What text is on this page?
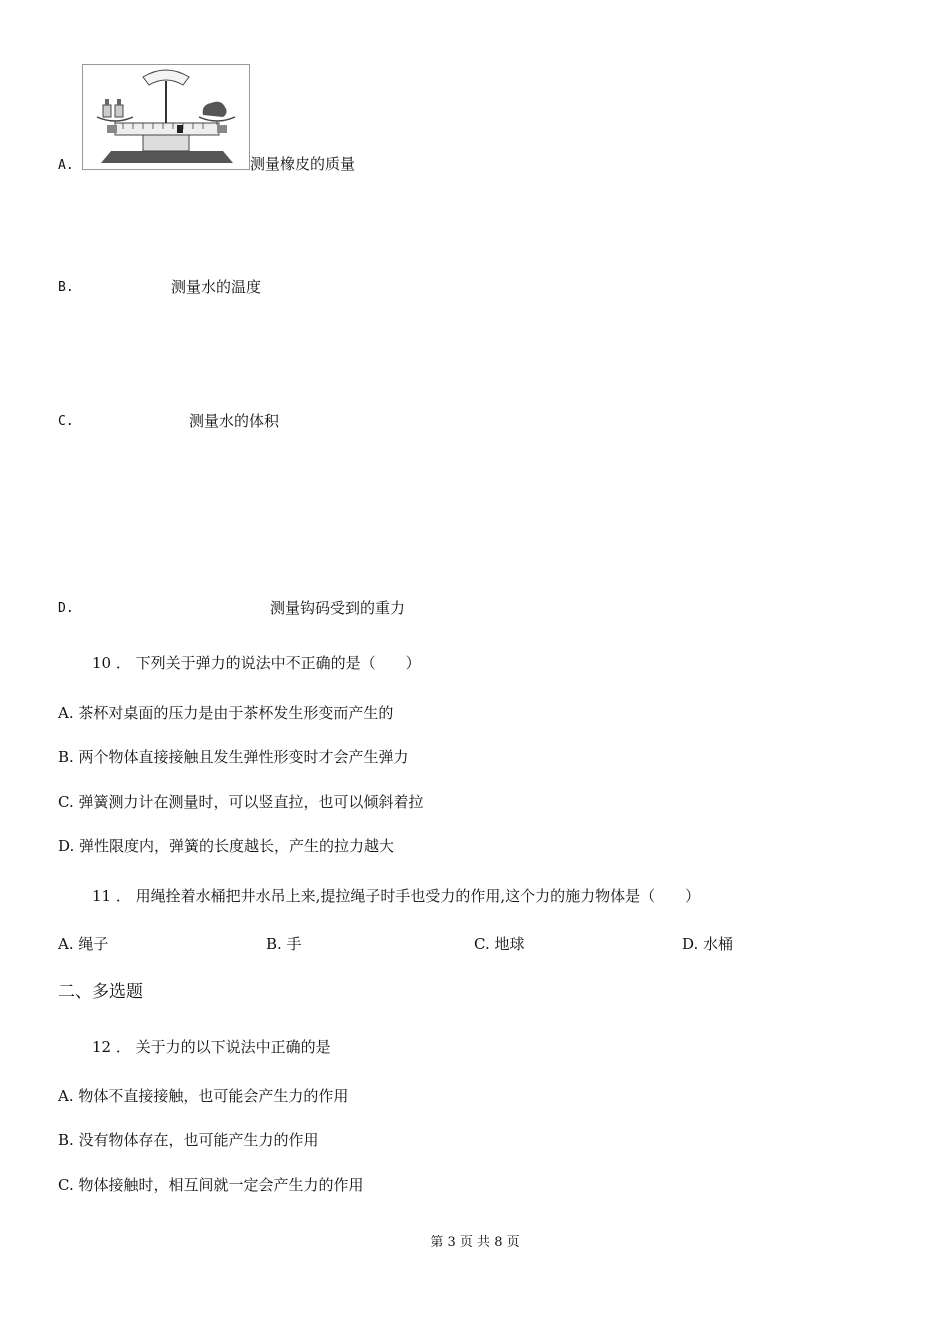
A.	测量橡皮的质量
B.	测量水的温度
C.	测量水的体积
D.	测量钩码受到的重力
10 ． 下列关于弹力的说法中不正确的是（　　）
A. 茶杯对桌面的压力是由于茶杯发生形变而产生的
B. 两个物体直接接触且发生弹性形变时才会产生弹力
C. 弹簧测力计在测量时，可以竖直拉，也可以倾斜着拉
D. 弹性限度内，弹簧的长度越长，产生的拉力越大
11 ． 用绳拴着水桶把井水吊上来,提拉绳子时手也受力的作用,这个力的施力物体是（　　）
A. 绳子	B. 手	C. 地球	D. 水桶
二、多选题
12 ． 关于力的以下说法中正确的是
A. 物体不直接接触，也可能会产生力的作用
B. 没有物体存在，也可能产生力的作用
C. 物体接触时，相互间就一定会产生力的作用
第 3 页 共 8 页
